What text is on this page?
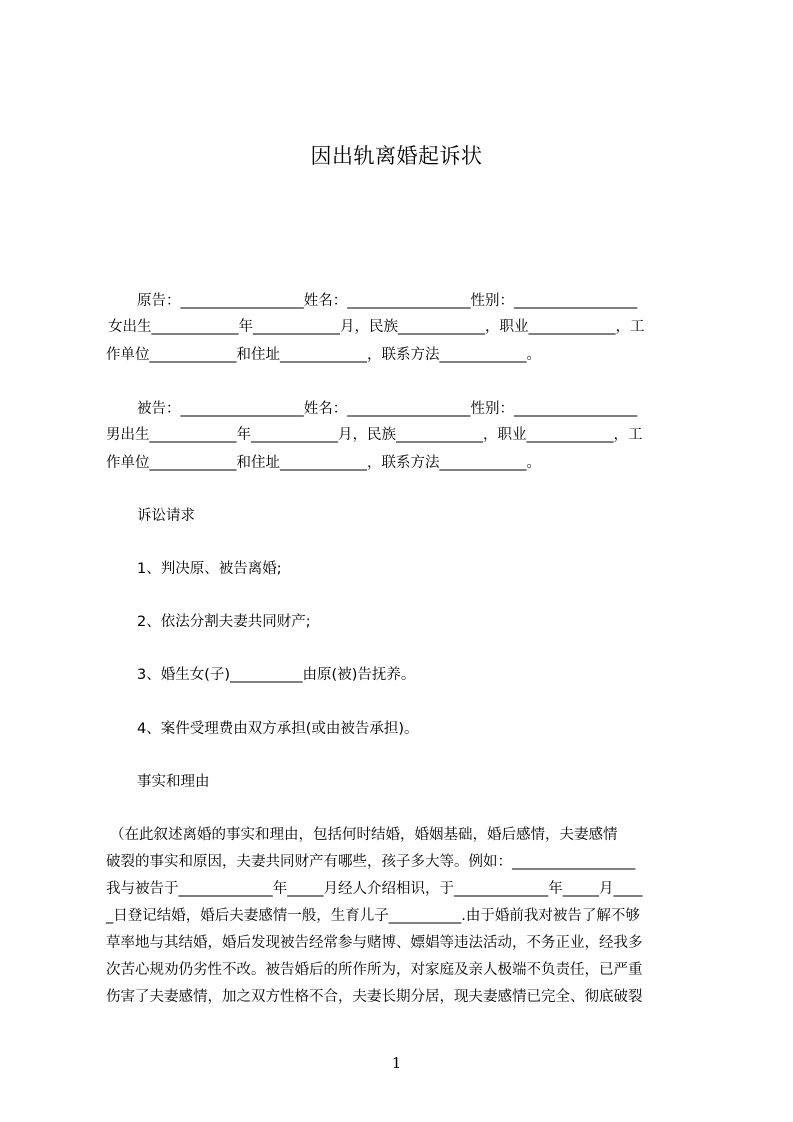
因出轨离婚起诉状

原告：_________________姓名：_________________性别：_________________

女出生____________年____________月，民族____________，职业____________，工

作单位____________和住址____________，联系方法____________。

被告：_________________姓名：_________________性别：_________________

男出生____________年____________月，民族____________，职业____________，工

作单位____________和住址____________，联系方法____________。

诉讼请求

1、判决原、被告离婚;

2、依法分割夫妻共同财产;

3、婚生女(子)__________由原(被)告抚养。

4、案件受理费由双方承担(或由被告承担)。

事实和理由

（在此叙述离婚的事实和理由，包括何时结婚，婚姻基础，婚后感情，夫妻感情

破裂的事实和原因，夫妻共同财产有哪些，孩子多大等。例如：_________________

我与被告于_____________年_____月经人介绍相识，于_____________年_____月____

_日登记结婚，婚后夫妻感情一般，生育儿子__________.由于婚前我对被告了解不够

草率地与其结婚，婚后发现被告经常参与赌博、嫖娼等违法活动，不务正业，经我多

次苦心规劝仍劣性不改。被告婚后的所作所为，对家庭及亲人极端不负责任，已严重

伤害了夫妻感情，加之双方性格不合，夫妻长期分居，现夫妻感情已完全、彻底破裂

1
